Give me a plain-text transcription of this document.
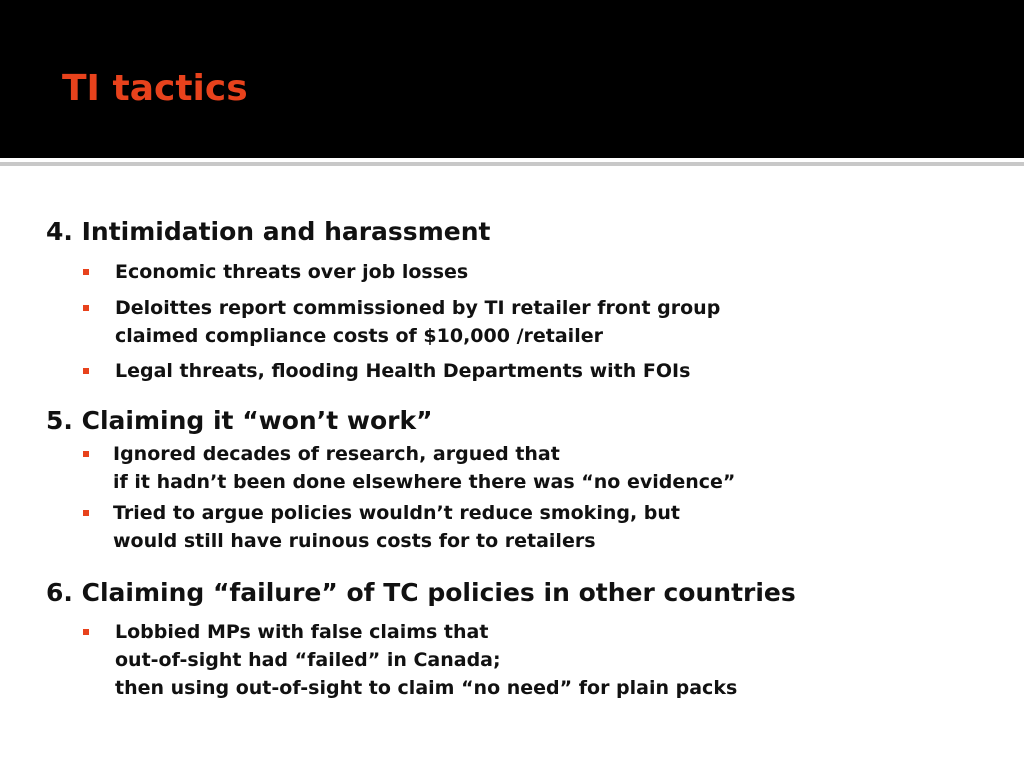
TI tactics
4. Intimidation and harassment
Economic threats over job losses
Deloittes report commissioned by TI retailer front group
claimed compliance costs of $10,000 /retailer
Legal threats, flooding Health Departments with FOIs
5. Claiming it “won’t work”
Ignored decades of research, argued that
if it hadn’t been done elsewhere there was “no evidence”
Tried to argue policies wouldn’t reduce smoking, but
would still have ruinous costs for to retailers
6. Claiming “failure” of TC policies in other countries
Lobbied MPs with false claims that
out-of-sight had “failed” in Canada;
then using out-of-sight to claim “no need” for plain packs
